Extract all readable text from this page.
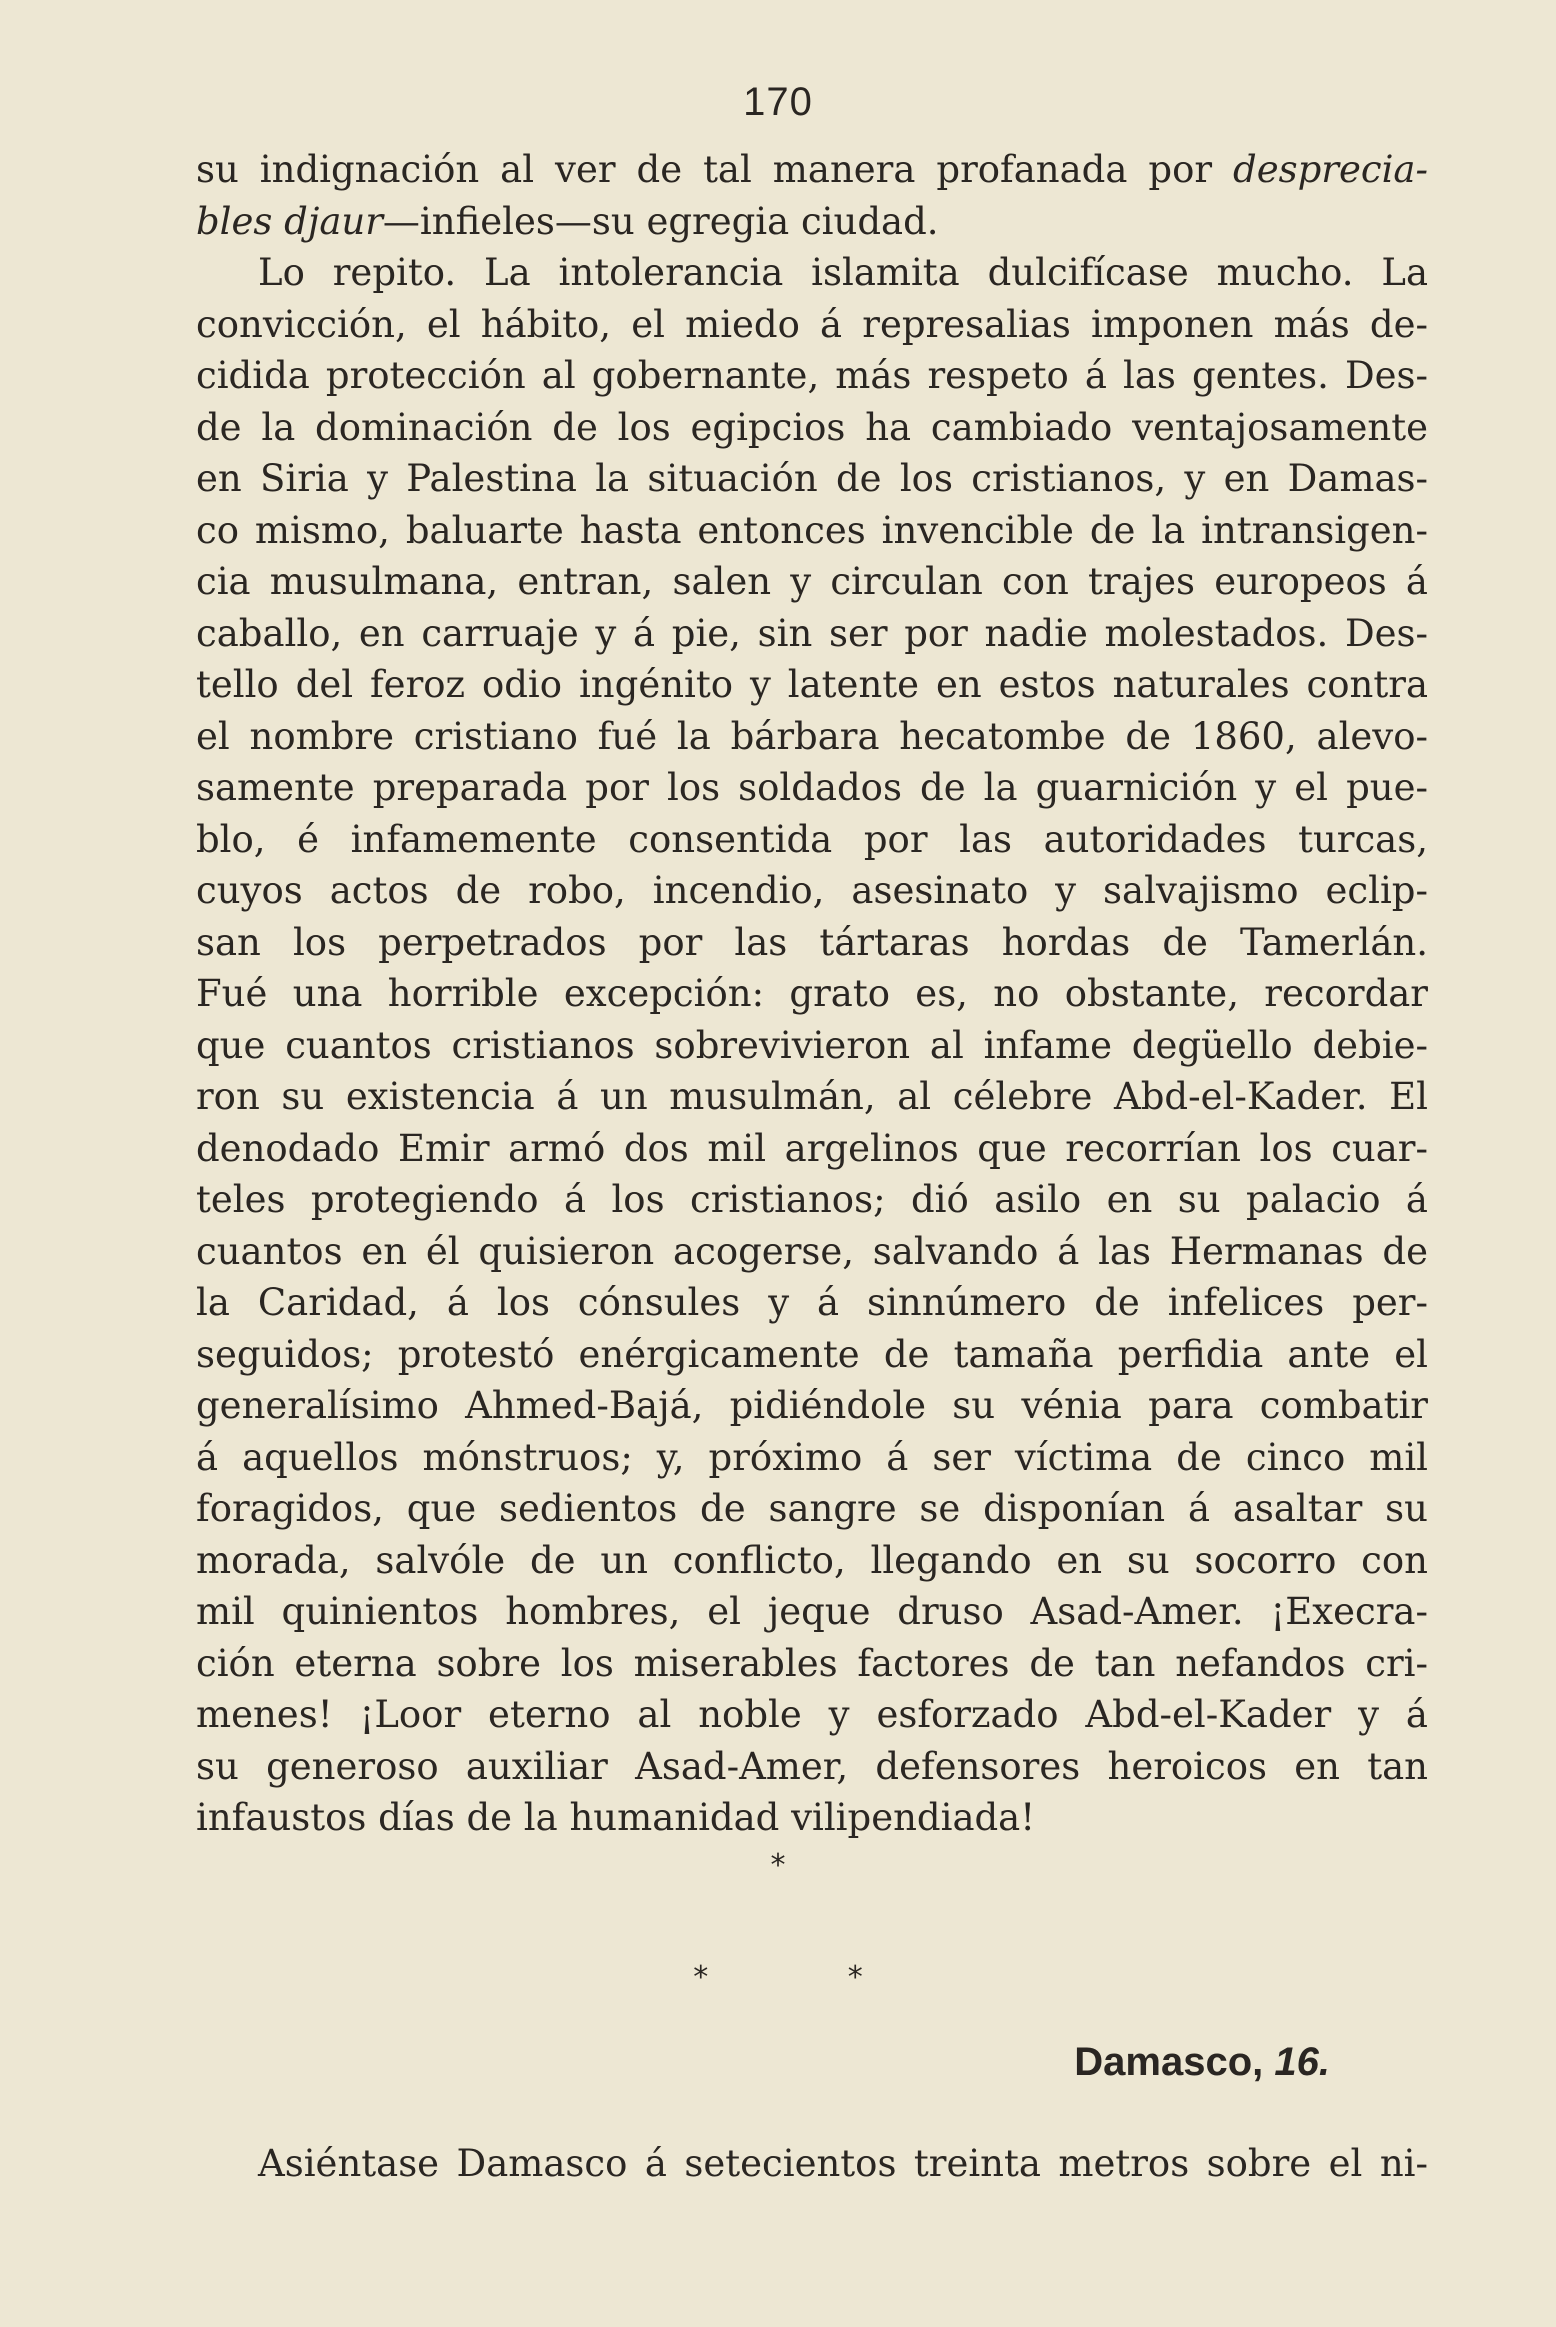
170
su indignación al ver de tal manera profanada por despreciа-
bles djaur—infieles—su egregia ciudad.
Lo repito. La intolerancia islamita dulcifícase mucho. La
convicción, el hábito, el miedo á represalias imponen más de-
cidida protección al gobernante, más respeto á las gentes. Des-
de la dominación de los egipcios ha cambiado ventajosamente
en Siria y Palestina la situación de los cristianos, y en Damas-
co mismo, baluarte hasta entonces invencible de la intransigen-
cia musulmana, entran, salen y circulan con trajes europeos á
caballo, en carruaje y á pie, sin ser por nadie molestados. Des-
tello del feroz odio ingénito y latente en estos naturales contra
el nombre cristiano fué la bárbara hecatombe de 1860, alevo-
samente preparada por los soldados de la guarnición y el pue-
blo, é infamemente consentida por las autoridades turcas,
cuyos actos de robo, incendio, asesinato y salvajismo eclip-
san los perpetrados por las tártaras hordas de Tamerlán.
Fué una horrible excepción: grato es, no obstante, recordar
que cuantos cristianos sobrevivieron al infame degüello debie-
ron su existencia á un musulmán, al célebre Abd-el-Kader. El
denodado Emir armó dos mil argelinos que recorrían los cuar-
teles protegiendo á los cristianos; dió asilo en su palacio á
cuantos en él quisieron acogerse, salvando á las Hermanas de
la Caridad, á los cónsules y á sinnúmero de infelices per-
seguidos; protestó enérgicamente de tamaña perfidia ante el
generalísimo Ahmed-Bajá, pidiéndole su vénia para combatir
á aquellos mónstruos; y, próximo á ser víctima de cinco mil
foragidos, que sedientos de sangre se disponían á asaltar su
morada, salvóle de un conflicto, llegando en su socorro con
mil quinientos hombres, el jeque druso Asad-Amer. ¡Execra-
ción eterna sobre los miserables factores de tan nefandos cri-
menes! ¡Loor eterno al noble y esforzado Abd-el-Kader y á
su generoso auxiliar Asad-Amer, defensores heroicos en tan
infaustos días de la humanidad vilipendiada!
*
* *
Damasco, 16.
Asiéntase Damasco á setecientos treinta metros sobre el ni-
